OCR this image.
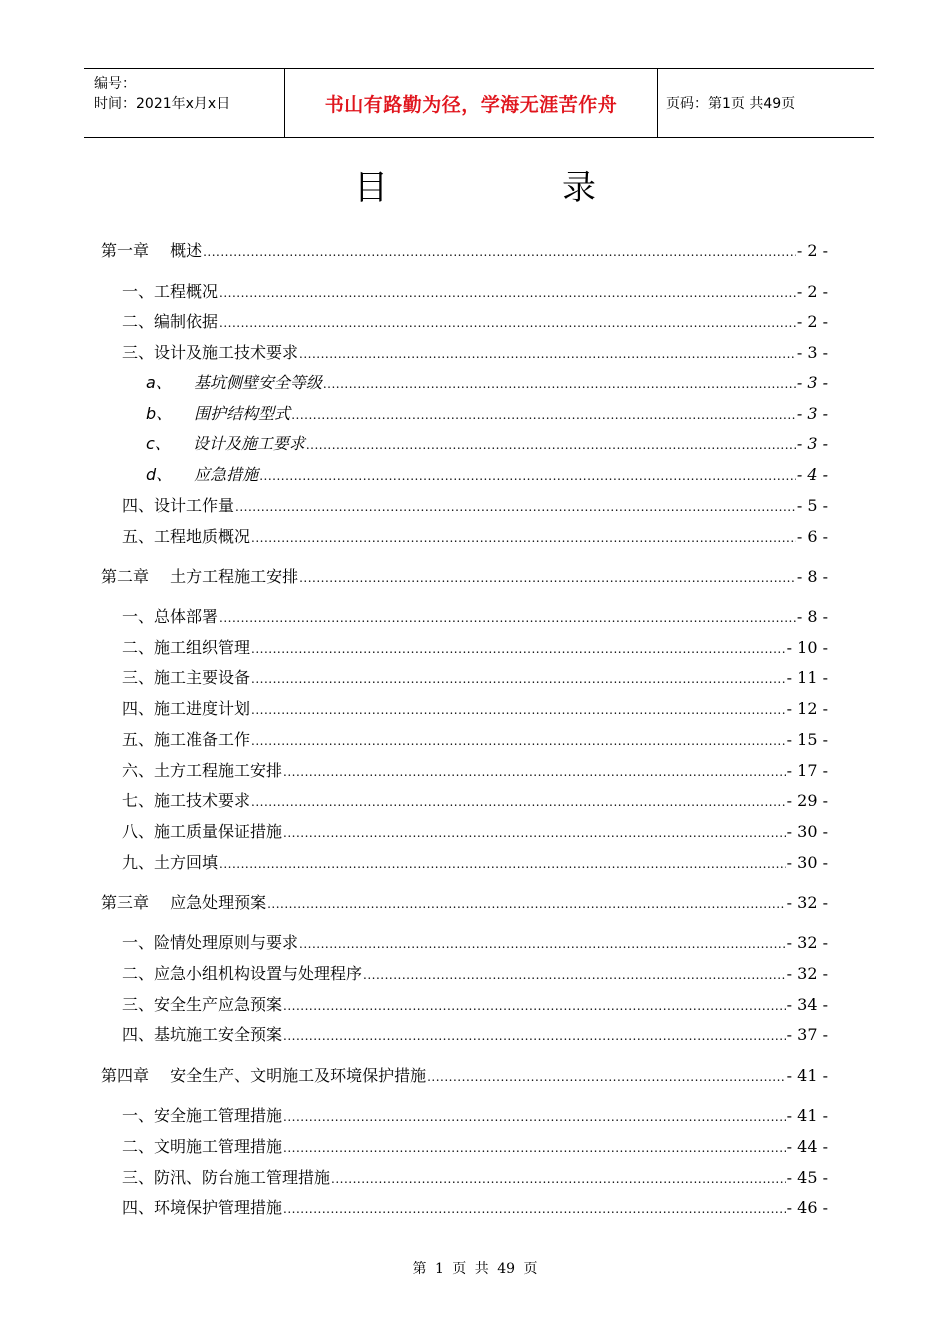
编号：
时间：2021年x月x日	书山有路勤为径，学海无涯苦作舟	页码：第1页 共49页
目　录
第一章　 概述 .....	- 2 -
一、 工程概况 .....	- 2 -
二、 编制依据 .....	- 2 -
三、 设计及施工技术要求 .....	- 3 -
a、 基坑侧壁安全等级 .....	- 3 -
b、 围护结构型式 .....	- 3 -
c、 设计及施工要求 .....	- 3 -
d、 应急措施 .....	- 4 -
四、 设计工作量 .....	- 5 -
五、 工程地质概况 .....	- 6 -
第二章　 土方工程施工安排 .....	- 8 -
一、 总体部署 .....	- 8 -
二、 施工组织管理 .....	- 10 -
三、 施工主要设备 .....	- 11 -
四、 施工进度计划 .....	- 12 -
五、 施工准备工作 .....	- 15 -
六、 土方工程施工安排 .....	- 17 -
七、 施工技术要求 .....	- 29 -
八、 施工质量保证措施 .....	- 30 -
九、 土方回填 .....	- 30 -
第三章　 应急处理预案 .....	- 32 -
一、 险情处理原则与要求 .....	- 32 -
二、 应急小组机构设置与处理程序 .....	- 32 -
三、 安全生产应急预案 .....	- 34 -
四、 基坑施工安全预案 .....	- 37 -
第四章　 安全生产、文明施工及环境保护措施 .....	- 41 -
一、 安全施工管理措施 .....	- 41 -
二、 文明施工管理措施 .....	- 44 -
三、 防汛、防台施工管理措施 .....	- 45 -
四、 环境保护管理措施 .....	- 46 -
第 1 页 共 49 页
